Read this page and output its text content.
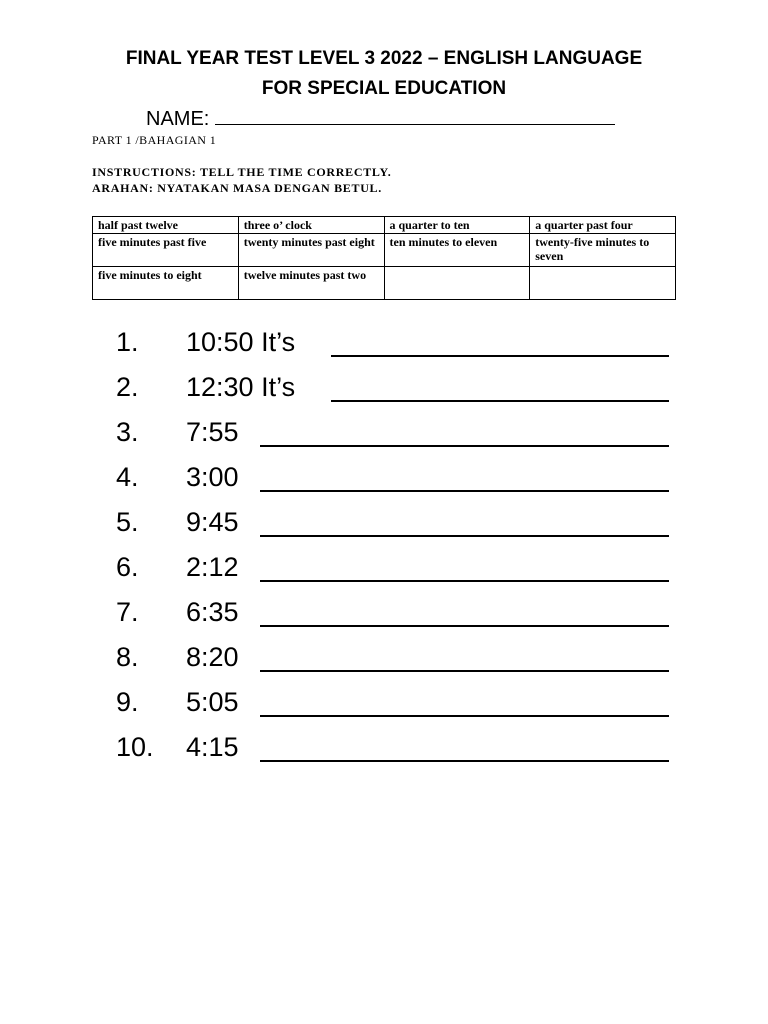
FINAL YEAR TEST LEVEL 3 2022 – ENGLISH LANGUAGE
FOR SPECIAL EDUCATION
NAME:
PART 1 /BAHAGIAN 1
INSTRUCTIONS: TELL THE TIME CORRECTLY.
ARAHAN: NYATAKAN MASA DENGAN BETUL.
half past twelve	three o’ clock	a quarter to ten	a quarter past four
five minutes past five	twenty minutes past eight	ten minutes to eleven	twenty-five minutes to seven
five minutes to eight	twelve minutes past two		
1. 10:50 It’s
2. 12:30 It’s
3. 7:55
4. 3:00
5. 9:45
6. 2:12
7. 6:35
8. 8:20
9. 5:05
10. 4:15
